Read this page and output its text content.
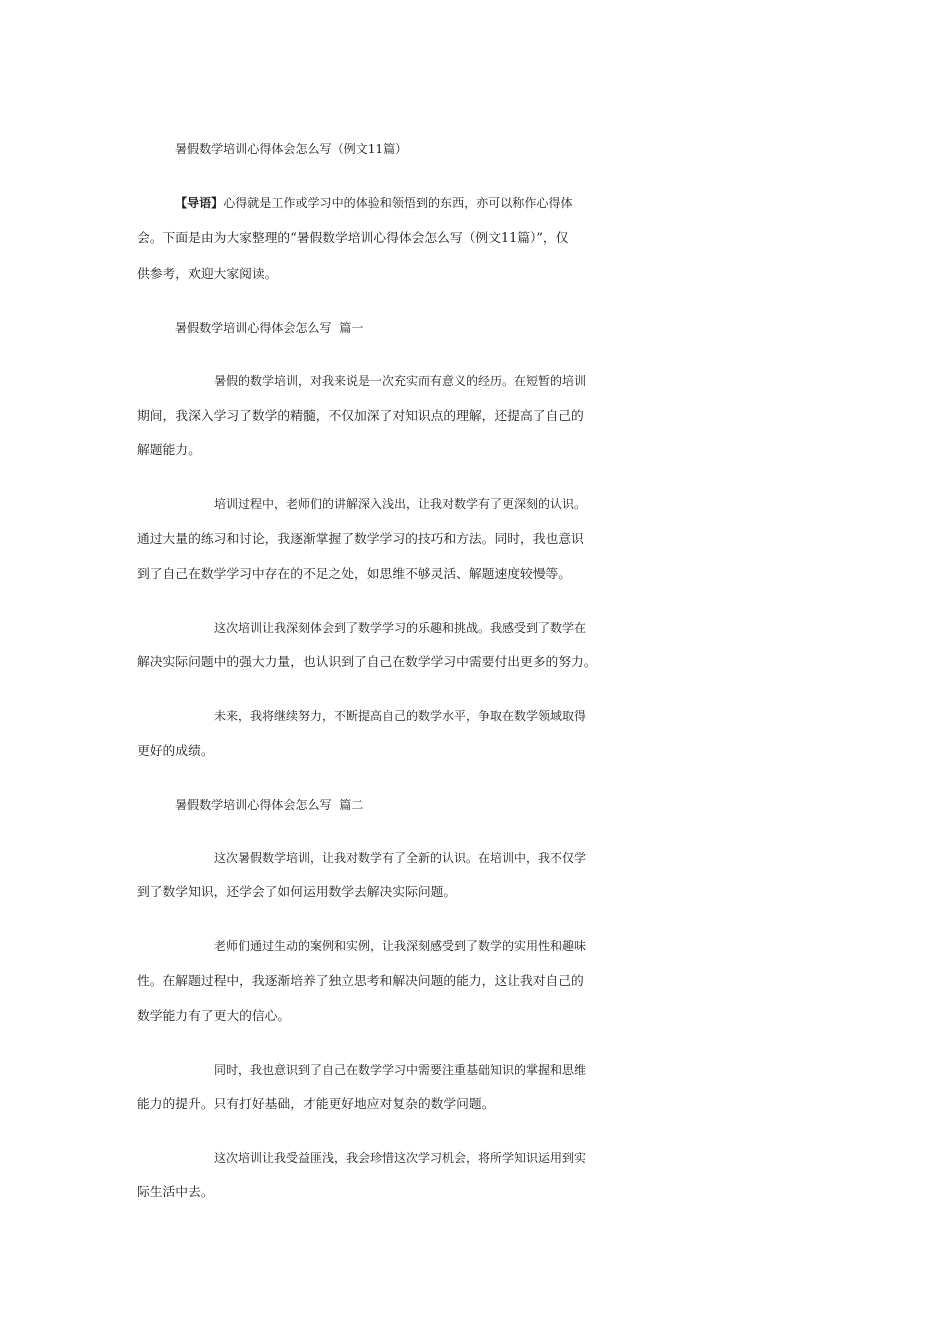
暑假数学培训心得体会怎么写（例文11篇）
【导语】心得就是工作或学习中的体验和领悟到的东西，亦可以称作心得体
会。下面是由为大家整理的“暑假数学培训心得体会怎么写（例文11篇）”，仅
供参考，欢迎大家阅读。
暑假数学培训心得体会怎么写  篇一
暑假的数学培训，对我来说是一次充实而有意义的经历。在短暂的培训
期间，我深入学习了数学的精髓，不仅加深了对知识点的理解，还提高了自己的
解题能力。
培训过程中，老师们的讲解深入浅出，让我对数学有了更深刻的认识。
通过大量的练习和讨论，我逐渐掌握了数学学习的技巧和方法。同时，我也意识
到了自己在数学学习中存在的不足之处，如思维不够灵活、解题速度较慢等。
这次培训让我深刻体会到了数学学习的乐趣和挑战。我感受到了数学在
解决实际问题中的强大力量，也认识到了自己在数学学习中需要付出更多的努力。
未来，我将继续努力，不断提高自己的数学水平，争取在数学领域取得
更好的成绩。
暑假数学培训心得体会怎么写  篇二
这次暑假数学培训，让我对数学有了全新的认识。在培训中，我不仅学
到了数学知识，还学会了如何运用数学去解决实际问题。
老师们通过生动的案例和实例，让我深刻感受到了数学的实用性和趣味
性。在解题过程中，我逐渐培养了独立思考和解决问题的能力，这让我对自己的
数学能力有了更大的信心。
同时，我也意识到了自己在数学学习中需要注重基础知识的掌握和思维
能力的提升。只有打好基础，才能更好地应对复杂的数学问题。
这次培训让我受益匪浅，我会珍惜这次学习机会，将所学知识运用到实
际生活中去。
